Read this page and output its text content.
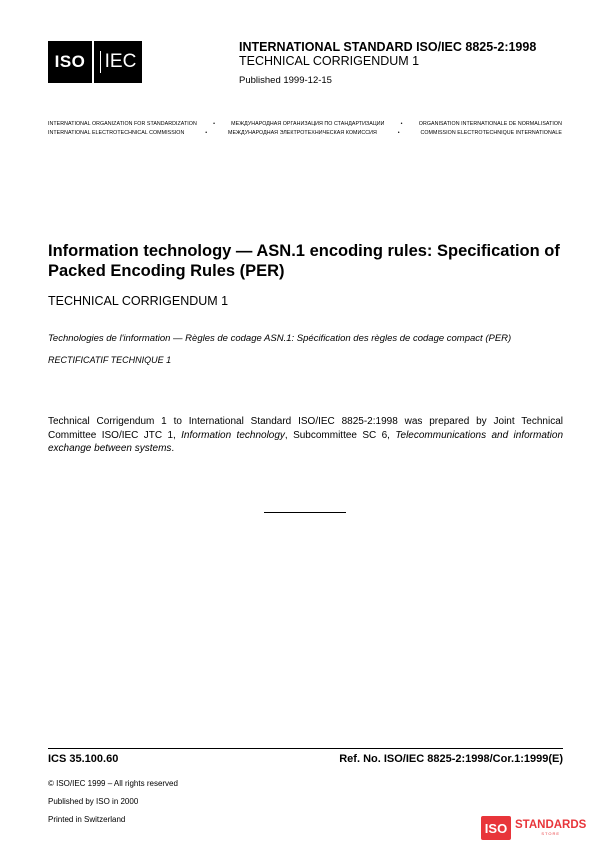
ISO	IEC
INTERNATIONAL STANDARD ISO/IEC 8825-2:1998
TECHNICAL CORRIGENDUM 1
Published 1999-12-15
INTERNATIONAL ORGANIZATION FOR STANDARDIZATION	•	МЕЖДУНАРОДНАЯ ОРГАНИЗАЦИЯ ПО СТАНДАРТИЗАЦИИ	•	ORGANISATION INTERNATIONALE DE NORMALISATION
INTERNATIONAL ELECTROTECHNICAL COMMISSION	•	МЕЖДУНАРОДНАЯ ЭЛЕКТРОТЕХНИЧЕСКАЯ КОМИССИЯ	•	COMMISSION ELECTROTECHNIQUE INTERNATIONALE
Information technology — ASN.1 encoding rules: Specification of Packed Encoding Rules (PER)
TECHNICAL CORRIGENDUM 1
Technologies de l'information — Règles de codage ASN.1: Spécification des règles de codage compact (PER)
RECTIFICATIF TECHNIQUE 1
Technical Corrigendum 1 to International Standard ISO/IEC 8825-2:1998 was prepared by Joint Technical Committee ISO/IEC JTC 1, Information technology, Subcommittee SC 6, Telecommunications and information exchange between systems.
ICS 35.100.60	Ref. No. ISO/IEC 8825-2:1998/Cor.1:1999(E)
© ISO/IEC 1999 – All rights reserved
Published by ISO in 2000
Printed in Switzerland
ISO STANDARDS
STORE
